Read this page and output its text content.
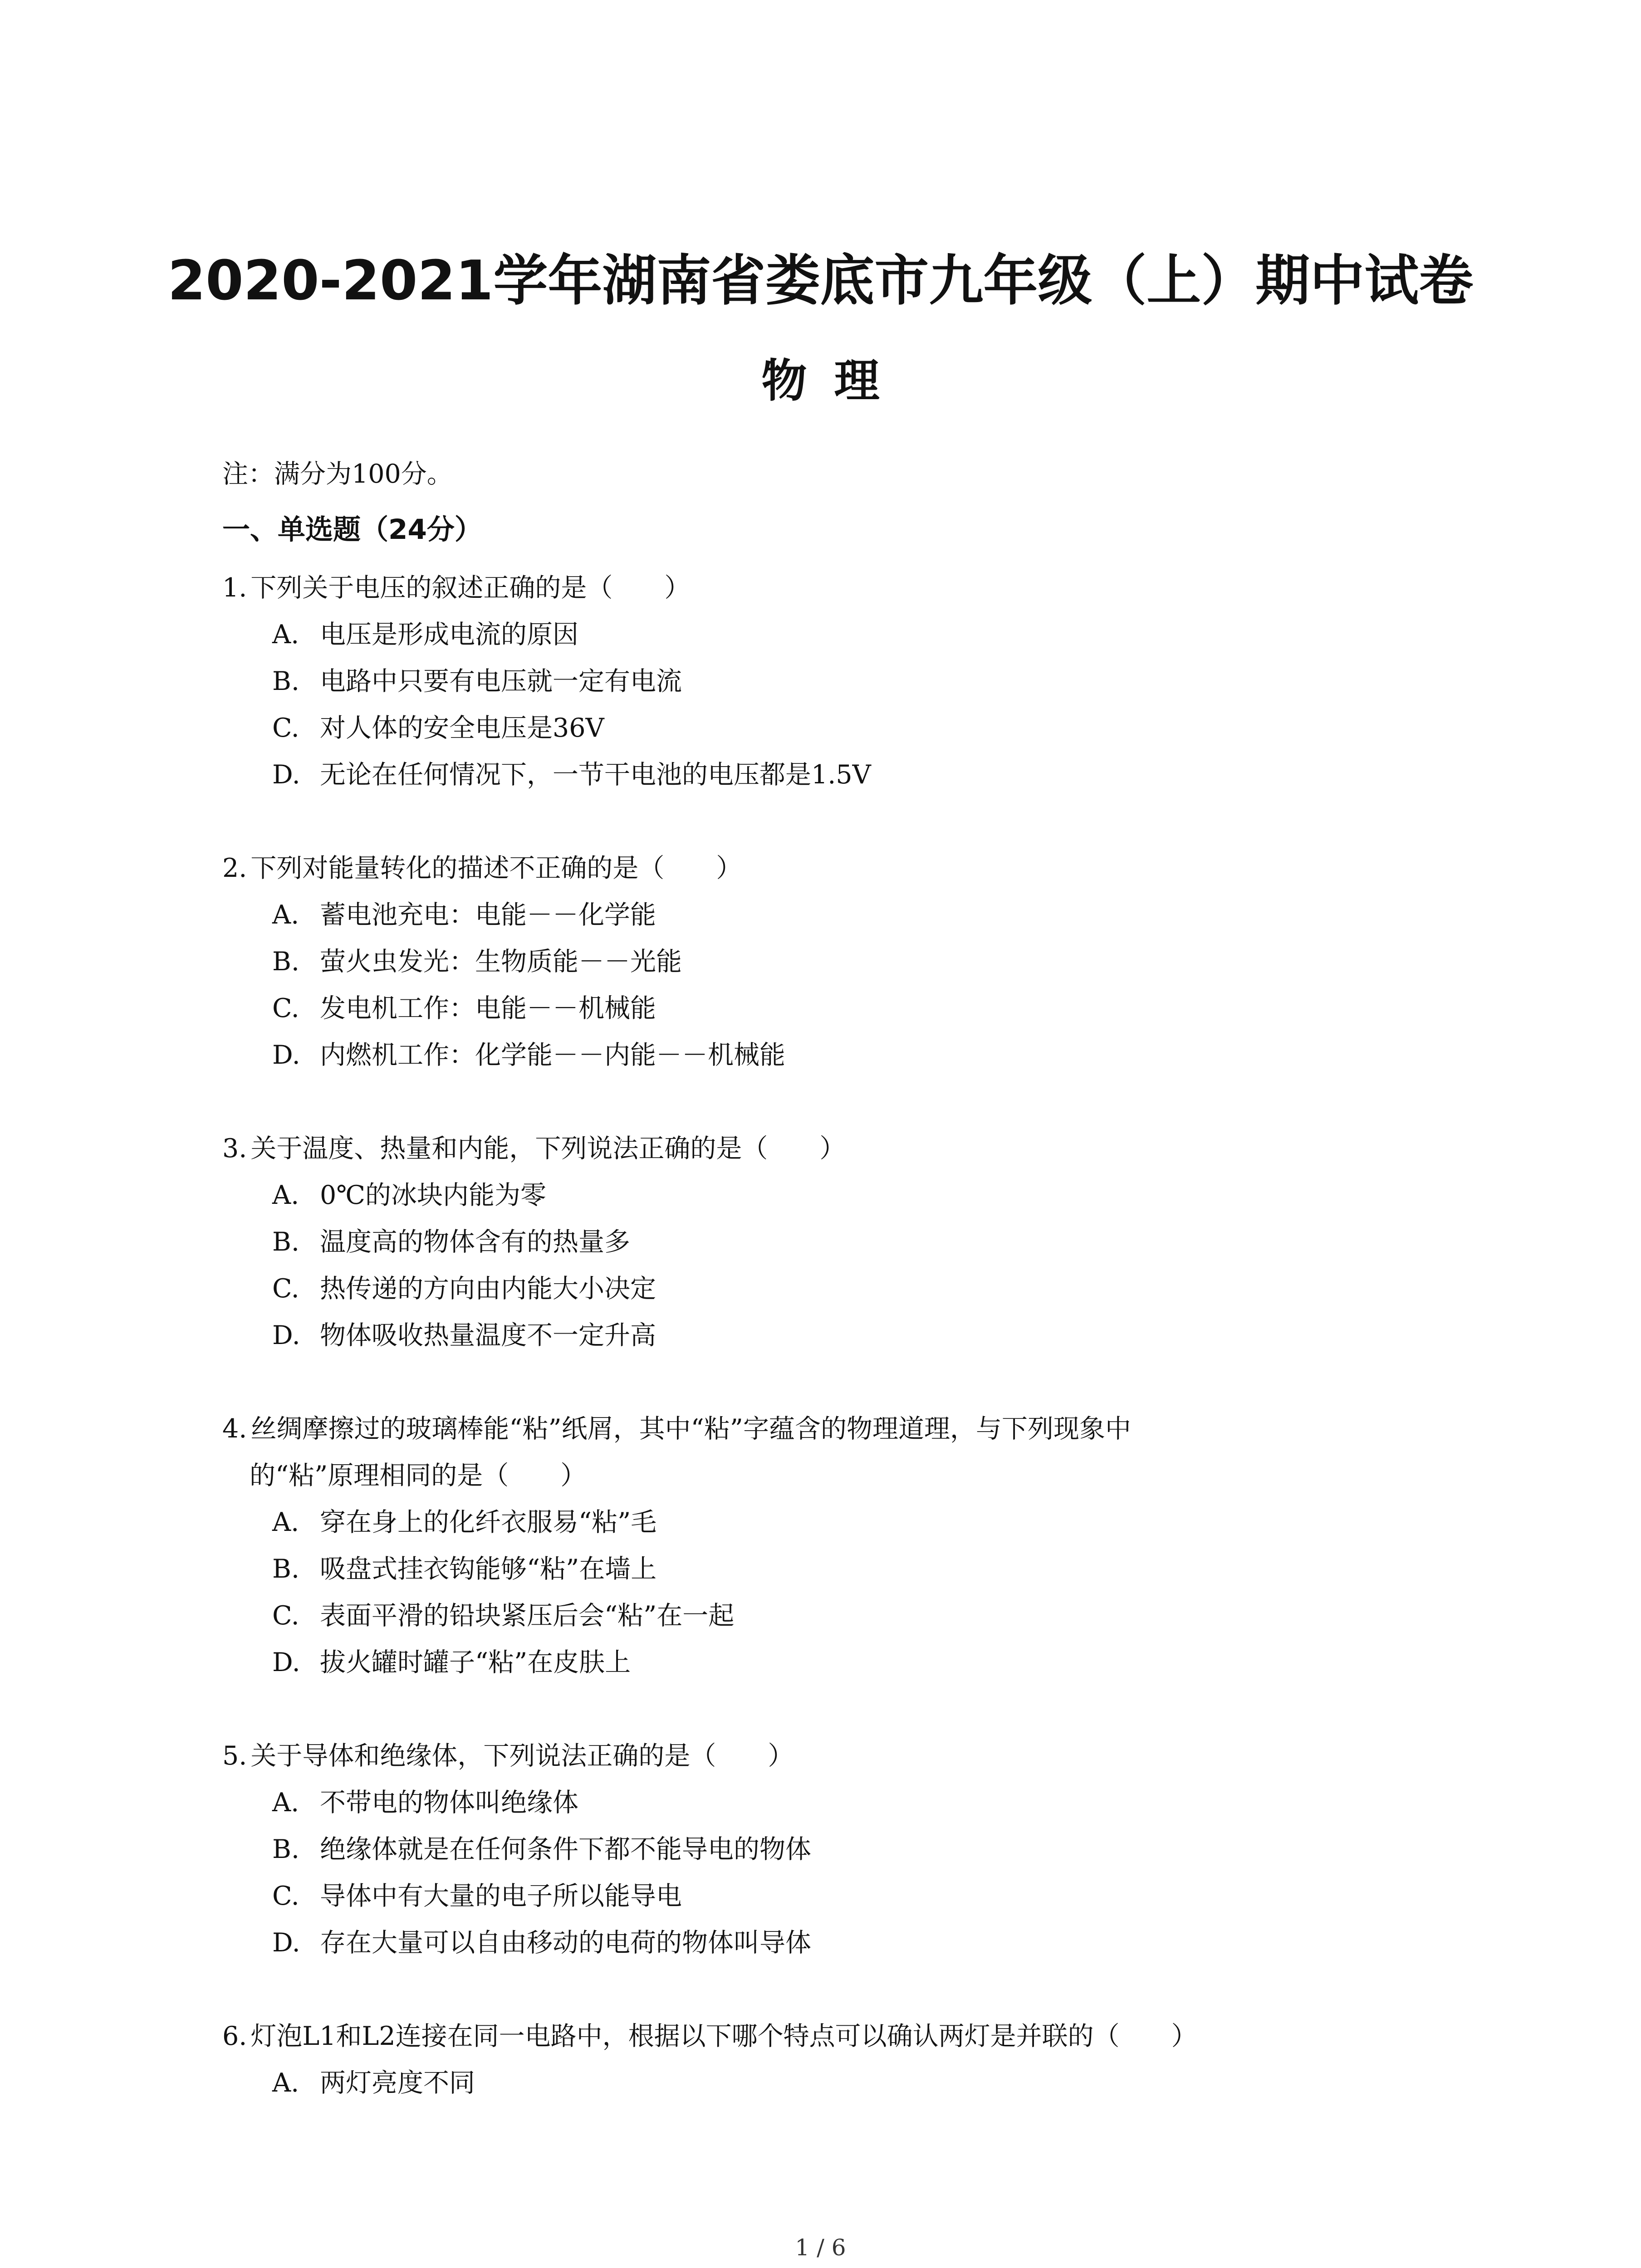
2020-2021学年湖南省娄底市九年级（上）期中试卷
物理
注：满分为100分。
一、单选题（24分）
1. 下列关于电压的叙述正确的是（　　）
A. 电压是形成电流的原因
B. 电路中只要有电压就一定有电流
C. 对人体的安全电压是36V
D. 无论在任何情况下，一节干电池的电压都是1.5V
2. 下列对能量转化的描述不正确的是（　　）
A. 蓄电池充电：电能－－化学能
B. 萤火虫发光：生物质能－－光能
C. 发电机工作：电能－－机械能
D. 内燃机工作：化学能－－内能－－机械能
3. 关于温度、热量和内能，下列说法正确的是（　　）
A. 0℃的冰块内能为零
B. 温度高的物体含有的热量多
C. 热传递的方向由内能大小决定
D. 物体吸收热量温度不一定升高
4. 丝绸摩擦过的玻璃棒能“粘”纸屑，其中“粘”字蕴含的物理道理，与下列现象中
的“粘”原理相同的是（　　）
A. 穿在身上的化纤衣服易“粘”毛
B. 吸盘式挂衣钩能够“粘”在墙上
C. 表面平滑的铅块紧压后会“粘”在一起
D. 拔火罐时罐子“粘”在皮肤上
5. 关于导体和绝缘体，下列说法正确的是（　　）
A. 不带电的物体叫绝缘体
B. 绝缘体就是在任何条件下都不能导电的物体
C. 导体中有大量的电子所以能导电
D. 存在大量可以自由移动的电荷的物体叫导体
6. 灯泡L1和L2连接在同一电路中，根据以下哪个特点可以确认两灯是并联的（　　）
A. 两灯亮度不同
1 / 6
